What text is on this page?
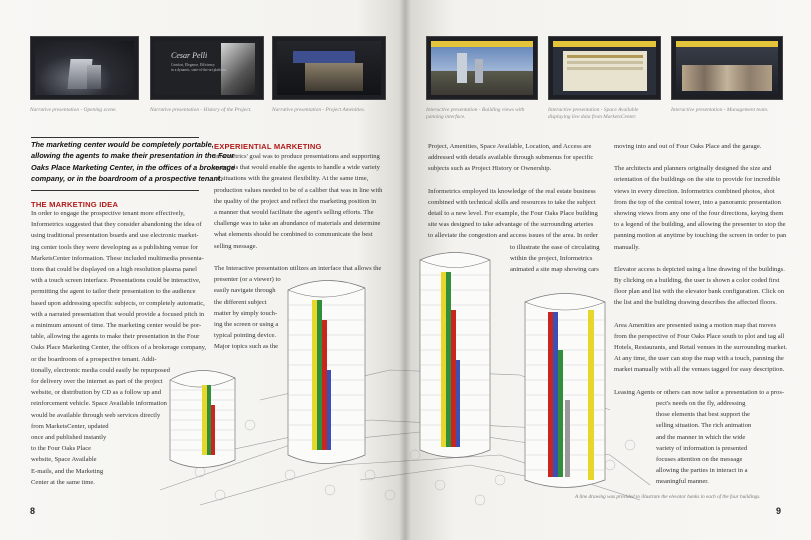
Cesar Pelli
Comfort, Elegance, Efficiency
in a dynamic, state-of-the-art platform.
Narrative presentation - Opening scene.	Narrative presentation - History of the Project.	Narrative presentation - Project Amenities.	Interactive presentation - Building views with
panning interface.
Interactive presentation - Space Available
displaying live data from MarketsCenter.
Interactive presentation - Management team.
The marketing center would be completely portable,
allowing the agents to make their presentation in the Four
Oaks Place Marketing Center, in the offices of a brokerage
company, or in the boardroom of a prospective tenant.
THE MARKETING IDEA

In order to engage the prospective tenant more effectively,

Informetrics suggested that they consider abandoning the idea of

using traditional presentation boards and use electronic market-

ing center tools they were developing as a publishing venue for

MarketsCenter information. These included multimedia presenta-

tions that could be displayed on a high resolution plasma panel

with a touch screen interface. Presentations could be interactive,

permitting the agent to tailor their presentation to the audience

based upon addressing specific subjects, or completely automatic,

with a narrated presentation that would provide a focused pitch in

a minimum amount of time. The marketing center would be por-

table, allowing the agents to make their presentation in the Four

Oaks Place Marketing Center, the offices of a brokerage company,

or the boardroom of a prospective tenant. Addi-

tionally, electronic media could easily be repurposed

for delivery over the internet as part of the project

website, or distribution by CD as a follow up and

reinforcement vehicle. Space Available information

would be available through web services directly

from MarketsCenter, updated

once and published instantly

to the Four Oaks Place

website, Space Available

E-mails, and the Marketing

Center at the same time.

EXPERIENTIAL MARKETING

Informetrics' goal was to produce presentations and supporting

materials that would enable the agents to handle a wide variety

of situations with the greatest flexibility. At the same time,

production values needed to be of a caliber that was in line with

the quality of the project and reflect the marketing position in

a manner that would facilitate the agent's selling efforts. The

challenge was to take an abundance of materials and determine

what elements should be combined to communicate the best

selling message.

The Interactive presentation utilizes an interface that allows the

presenter (or a viewer) to

easily navigate through

the different subject

matter by simply touch-

ing the screen or using a

typical pointing device.

Major topics such as the

Project, Amenities, Space Available, Location, and Access are

addressed with details available through submenus for specific

subjects such as Project History or Ownership.

Informetrics employed its knowledge of the real estate business

combined with technical skills and resources to take the subject

detail to a new level. For example, the Four Oaks Place building

site was designed to take advantage of the surrounding arteries

to alleviate the congestion and access issues of the area. In order

to illustrate the ease of circulating

within the project, Informetrics

animated a site map showing cars

moving into and out of Four Oaks Place and the garage.

The architects and planners originally designed the size and

orientation of the buildings on the site to provide for incredible

views in every direction. Informetrics combined photos, shot

from the top of the central tower, into a panoramic presentation

showing views from any one of the four directions, keying them

to a legend of the building, and allowing the presenter to stop the

panning motion at anytime by touching the screen in order to pan

manually.

Elevator access is depicted using a line drawing of the buildings.

By clicking on a building, the user is shown a color coded first

floor plan and list with the elevator bank configuration. Click on

the list and the building drawing describes the affected floors.

Area Amenities are presented using a motion map that moves

from the perspective of Four Oaks Place south to plot and tag all

Hotels, Restaurants, and Retail venues in the surrounding market.

At any time, the user can stop the map with a touch, panning the

market manually with all the venues tagged for easy description.

Leasing Agents or others can now tailor a presentation to a pros-

pect's needs on the fly, addressing

those elements that best support the

selling situation. The rich animation

and the manner in which the wide

variety of information is presented

focuses attention on the message

allowing the parties in interact in a

meaningful manner.

A line drawing was provided to illustrate the elevator banks in each of the four buildings.
8	9
